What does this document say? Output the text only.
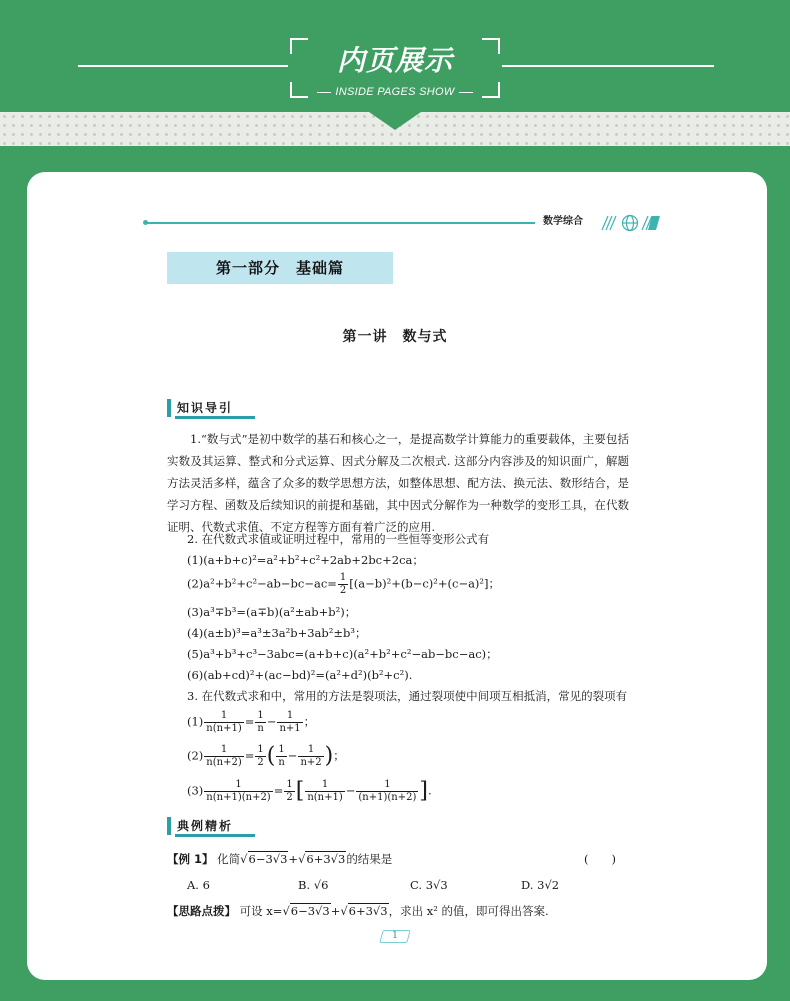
内页展示
INSIDE PAGES SHOW
数学综合
第一部分　基础篇
第一讲　数与式
知识导引

1.“数与式”是初中数学的基石和核心之一，是提高数学计算能力的重要载体，主要包括实数及其运算、整式和分式运算、因式分解及二次根式. 这部分内容涉及的知识面广，解题方法灵活多样，蕴含了众多的数学思想方法，如整体思想、配方法、换元法、数形结合，是学习方程、函数及后续知识的前提和基础，其中因式分解作为一种数学的变形工具，在代数证明、代数式求值、不定方程等方面有着广泛的应用.

2. 在代数式求值或证明过程中，常用的一些恒等变形公式有
(1)(a+b+c)²=a²+b²+c²+2ab+2bc+2ca；
$(2)a^2+b^2+c^2-ab-bc-ac= \frac{1}{2} [(a-b)^2+(b-c)^2+(c-a)^2]$；
(3)a³∓b³=(a∓b)(a²±ab+b²)；
(4)(a±b)³=a³±3a²b+3ab²±b³；
(5)a³+b³+c³−3abc=(a+b+c)(a²+b²+c²−ab−bc−ac)；
(6)(ab+cd)²+(ac−bd)²=(a²+d²)(b²+c²).
3. 在代数式求和中，常用的方法是裂项法，通过裂项使中间项互相抵消，常见的裂项有
$(1) \frac{1}{n(n+1)} = \frac{1}{n} - \frac{1}{n+1}$ ；
$(2) \frac{1}{n(n+2)} = \frac{1}{2}$ ( $\frac{1}{n} - \frac{1}{n+2}$ )；
$(3) \frac{1}{n(n+1)(n+2)} = \frac{1}{2}$ [ $\frac{1}{n(n+1)} - \frac{1}{(n+1)(n+2)}$ ].
典例精析
【例 1】 化简√6−3√3+√6+3√3的结果是	(　　)
A. 6	B. √6	C. 3√3	D. 3√2
【思路点拨】 可设 x=√6−3√3+√6+3√3，求出 x² 的值，即可得出答案.
1
